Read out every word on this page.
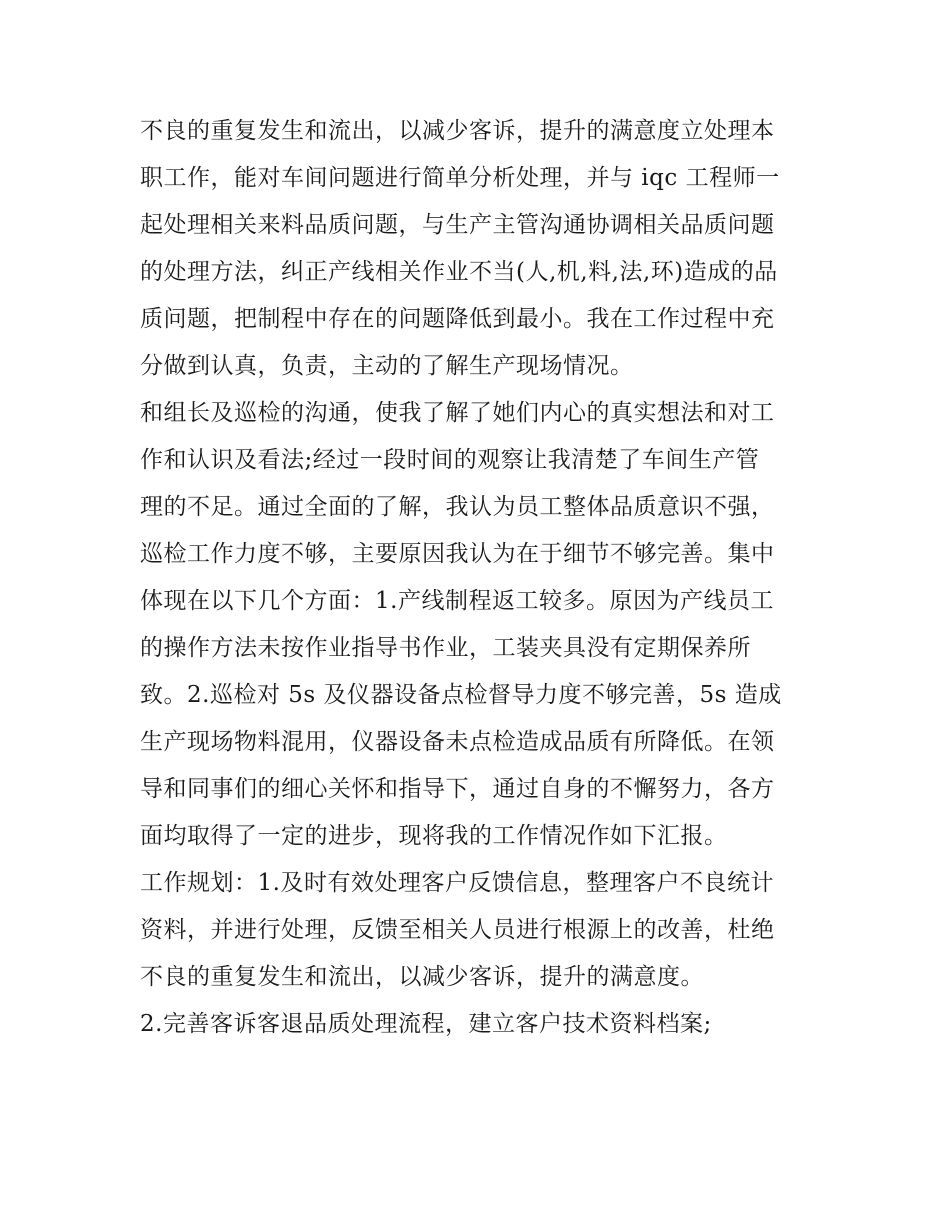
不良的重复发生和流出，以减少客诉，提升的满意度立处理本
职工作，能对车间问题进行简单分析处理，并与 iqc 工程师一
起处理相关来料品质问题，与生产主管沟通协调相关品质问题
的处理方法，纠正产线相关作业不当(人,机,料,法,环)造成的品
质问题，把制程中存在的问题降低到最小。我在工作过程中充
分做到认真，负责，主动的了解生产现场情况。
和组长及巡检的沟通，使我了解了她们内心的真实想法和对工
作和认识及看法;经过一段时间的观察让我清楚了车间生产管
理的不足。通过全面的了解，我认为员工整体品质意识不强，
巡检工作力度不够，主要原因我认为在于细节不够完善。集中
体现在以下几个方面：1.产线制程返工较多。原因为产线员工
的操作方法未按作业指导书作业，工装夹具没有定期保养所
致。2.巡检对 5s 及仪器设备点检督导力度不够完善，5s 造成
生产现场物料混用，仪器设备未点检造成品质有所降低。在领
导和同事们的细心关怀和指导下，通过自身的不懈努力，各方
面均取得了一定的进步，现将我的工作情况作如下汇报。
工作规划：1.及时有效处理客户反馈信息，整理客户不良统计
资料，并进行处理，反馈至相关人员进行根源上的改善，杜绝
不良的重复发生和流出，以减少客诉，提升的满意度。
2.完善客诉客退品质处理流程，建立客户技术资料档案;
